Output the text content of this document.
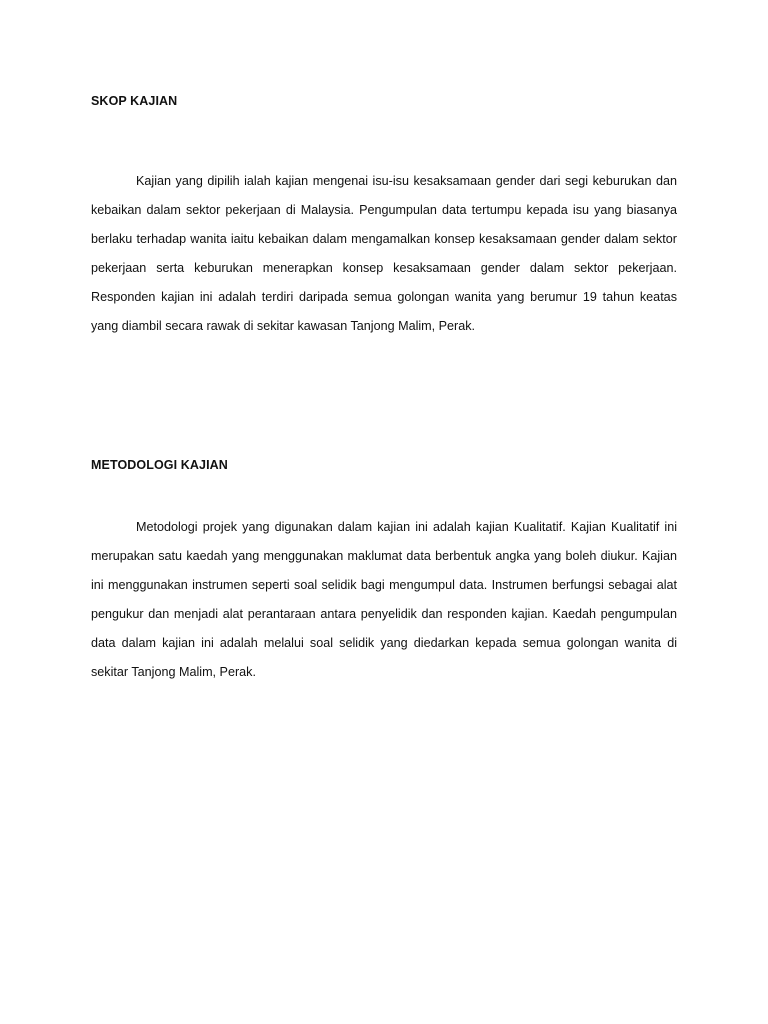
SKOP KAJIAN

Kajian yang dipilih ialah kajian mengenai isu-isu kesaksamaan gender dari segi keburukan dan kebaikan dalam sektor pekerjaan di Malaysia. Pengumpulan data tertumpu kepada isu yang biasanya berlaku terhadap wanita iaitu kebaikan dalam mengamalkan konsep kesaksamaan gender dalam sektor pekerjaan serta keburukan menerapkan konsep kesaksamaan gender dalam sektor pekerjaan. Responden kajian ini adalah terdiri daripada semua golongan wanita yang berumur 19 tahun keatas yang diambil secara rawak di sekitar kawasan Tanjong Malim, Perak.

METODOLOGI KAJIAN

Metodologi projek yang digunakan dalam kajian ini adalah kajian Kualitatif. Kajian Kualitatif ini merupakan satu kaedah yang menggunakan maklumat data berbentuk angka yang boleh diukur. Kajian ini menggunakan instrumen seperti soal selidik bagi mengumpul data. Instrumen berfungsi sebagai alat pengukur dan menjadi alat perantaraan antara penyelidik dan responden kajian. Kaedah pengumpulan data dalam kajian ini adalah melalui soal selidik yang diedarkan kepada semua golongan wanita di sekitar Tanjong Malim, Perak.
